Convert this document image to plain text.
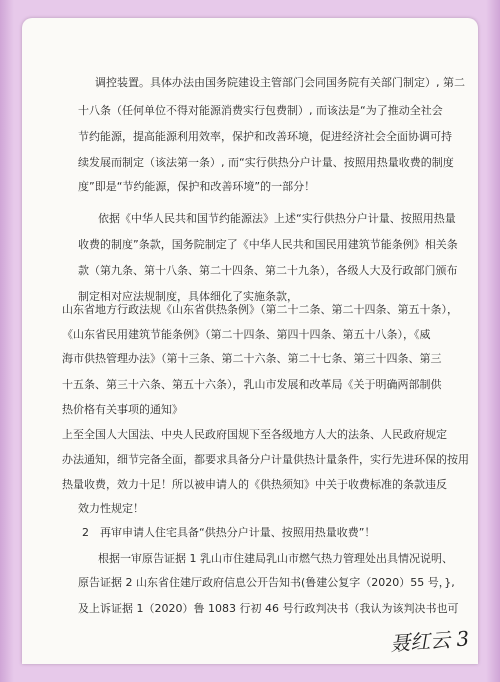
调控装置。具体办法由国务院建设主管部门会同国务院有关部门制定）, 第二
十八条（任何单位不得对能源消费实行包费制）, 而该法是“为了推动全社会
节约能源，提高能源利用效率，保护和改善环境，促进经济社会全面协调可持
续发展而制定（该法第一条）, 而“实行供热分户计量、按照用热量收费的制度
度”即是“节约能源，保护和改善环境”的一部分！
依据《中华人民共和国节约能源法》上述“实行供热分户计量、按照用热量
收费的制度”条款，国务院制定了《中华人民共和国民用建筑节能条例》相关条
款（第九条、第十八条、第二十四条、第二十九条），各级人大及行政部门颁布
制定相对应法规制度，具体细化了实施条款，
山东省地方行政法规《山东省供热条例》（第二十二条、第二十四条、第五十条），
《山东省民用建筑节能条例》（第二十四条、第四十四条、第五十八条），《威
海市供热管理办法》（第十三条、第二十六条、第二十七条、第三十四条、第三
十五条、第三十六条、第五十六条），乳山市发展和改革局《关于明确两部制供
热价格有关事项的通知》
上至全国人大国法、中央人民政府国规下至各级地方人大的法条、人民政府规定
办法通知，细节完备全面，都要求具备分户计量供热计量条件，实行先进环保的按用
热量收费，效力十足！所以被申请人的《供热须知》中关于收费标准的条款违反
效力性规定！
2　再审申请人住宅具备“供热分户计量、按照用热量收费”！
根据一审原告证据 1 乳山市住建局乳山市燃气热力管理处出具情况说明、
原告证据 2 山东省住建厅政府信息公开告知书(鲁建公复字（2020）55 号，},
及上诉证据 1（2020）鲁 1083 行初 46 号行政判决书（我认为该判决书也可
聂红云 3
